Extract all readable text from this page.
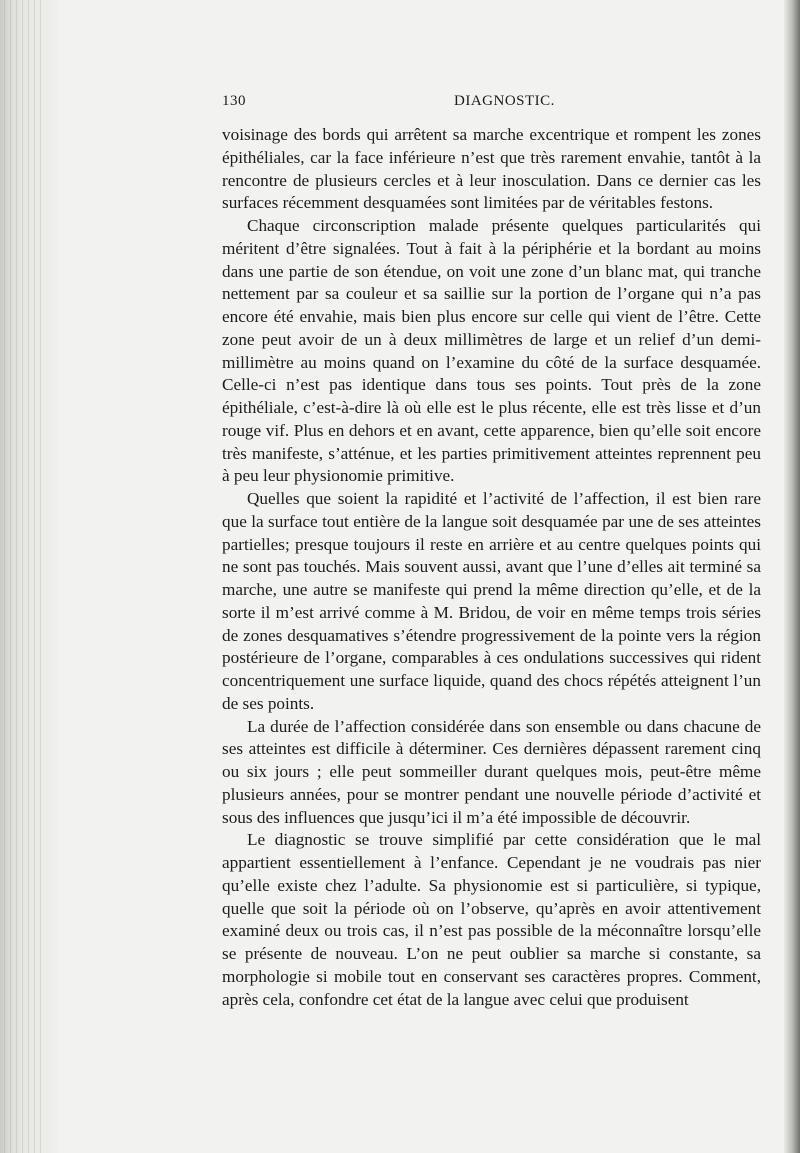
130	DIAGNOSTIC.

voisinage des bords qui arrêtent sa marche excentrique et rompent les zones épithéliales, car la face inférieure n’est que très rarement envahie, tantôt à la rencontre de plusieurs cercles et à leur inosculation. Dans ce dernier cas les surfaces récemment desquamées sont limitées par de véritables festons.

Chaque circonscription malade présente quelques particularités qui méritent d’être signalées. Tout à fait à la périphérie et la bordant au moins dans une partie de son étendue, on voit une zone d’un blanc mat, qui tranche nettement par sa couleur et sa saillie sur la portion de l’organe qui n’a pas encore été envahie, mais bien plus encore sur celle qui vient de l’être. Cette zone peut avoir de un à deux millimètres de large et un relief d’un demi-millimètre au moins quand on l’examine du côté de la surface desquamée. Celle-ci n’est pas identique dans tous ses points. Tout près de la zone épithéliale, c’est-à-dire là où elle est le plus récente, elle est très lisse et d’un rouge vif. Plus en dehors et en avant, cette apparence, bien qu’elle soit encore très manifeste, s’atténue, et les parties primitivement atteintes reprennent peu à peu leur physionomie primitive.

Quelles que soient la rapidité et l’activité de l’affection, il est bien rare que la surface tout entière de la langue soit desquamée par une de ses atteintes partielles; presque toujours il reste en arrière et au centre quelques points qui ne sont pas touchés. Mais souvent aussi, avant que l’une d’elles ait terminé sa marche, une autre se manifeste qui prend la même direction qu’elle, et de la sorte il m’est arrivé comme à M. Bridou, de voir en même temps trois séries de zones desquamatives s’étendre progressivement de la pointe vers la région postérieure de l’organe, comparables à ces ondulations successives qui rident concentriquement une surface liquide, quand des chocs répétés atteignent l’un de ses points.

La durée de l’affection considérée dans son ensemble ou dans chacune de ses atteintes est difficile à déterminer. Ces dernières dépassent rarement cinq ou six jours ; elle peut sommeiller durant quelques mois, peut-être même plusieurs années, pour se montrer pendant une nouvelle période d’activité et sous des influences que jusqu’ici il m’a été impossible de découvrir.

Le diagnostic se trouve simplifié par cette considération que le mal appartient essentiellement à l’enfance. Cependant je ne voudrais pas nier qu’elle existe chez l’adulte. Sa physionomie est si particulière, si typique, quelle que soit la période où on l’observe, qu’après en avoir attentivement examiné deux ou trois cas, il n’est pas possible de la méconnaître lorsqu’elle se présente de nouveau. L’on ne peut oublier sa marche si constante, sa morphologie si mobile tout en conservant ses caractères propres. Comment, après cela, confondre cet état de la langue avec celui que produisent
